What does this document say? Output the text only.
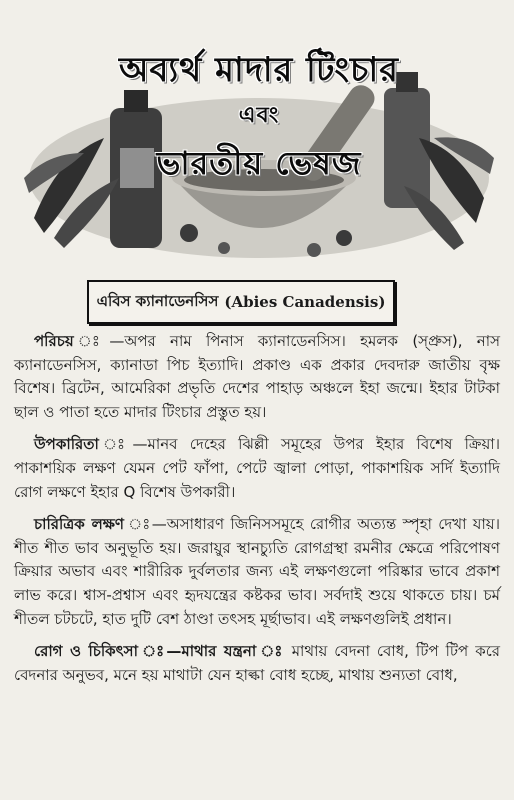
অব্যর্থ মাদার টিংচার
এবং
ভারতীয় ভেষজ
এবিস ক্যানাডেনসিস (Abies Canadensis)

পরিচয় ঃ—অপর নাম পিনাস ক্যানাডেনসিস। হমলক (স্প্রুস), নাস ক্যানাডেনসিস, ক্যানাডা পিচ ইত্যাদি। প্রকাণ্ড এক প্রকার দেবদারু জাতীয় বৃক্ষ বিশেষ। ব্রিটেন, আমেরিকা প্রভৃতি দেশের পাহাড় অঞ্চলে ইহা জন্মে। ইহার টাটকা ছাল ও পাতা হতে মাদার টিংচার প্রস্তুত হয়।

উপকারিতা ঃ—মানব দেহের ঝিল্লী সমূহের উপর ইহার বিশেষ ক্রিয়া। পাকাশয়িক লক্ষণ যেমন পেট ফাঁপা, পেটে জ্বালা পোড়া, পাকাশয়িক সর্দি ইত্যাদি রোগ লক্ষণে ইহার Q বিশেষ উপকারী।

চারিত্রিক লক্ষণ ঃ—অসাধারণ জিনিসসমূহে রোগীর অত্যন্ত স্পৃহা দেখা যায়। শীত শীত ভাব অনুভূতি হয়। জরায়ুর স্থানচ্যুতি রোগগ্রস্থা রমনীর ক্ষেত্রে পরিপোষণ ক্রিয়ার অভাব এবং শারীরিক দুর্বলতার জন্য এই লক্ষণগুলো পরিষ্কার ভাবে প্রকাশ লাভ করে। শ্বাস-প্রশ্বাস এবং হৃদযন্ত্রের কষ্টকর ভাব। সর্বদাই শুয়ে থাকতে চায়। চর্ম শীতল চটচটে, হাত দুটি বেশ ঠাণ্ডা তৎসহ মূর্ছাভাব। এই লক্ষণগুলিই প্রধান।

রোগ ও চিকিৎসা ঃ—মাথার যন্ত্রনা ঃ মাথায় বেদনা বোধ, টিপ টিপ করে বেদনার অনুভব, মনে হয় মাথাটা যেন হাল্কা বোধ হচ্ছে, মাথায় শুন্যতা বোধ,
